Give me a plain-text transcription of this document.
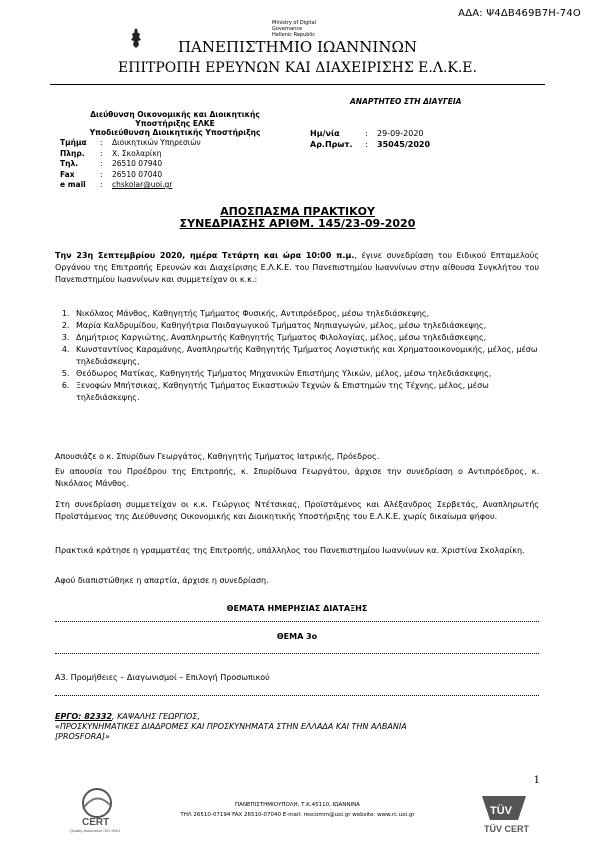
ΑΔΑ: Ψ4ΔΒ469Β7Η-74Ο
Ministry of Digital
Governance
Hellenic Republic
ΠΑΝΕΠΙΣΤΗΜΙΟ ΙΩΑΝΝΙΝΩΝ
ΕΠΙΤΡΟΠΗ ΕΡΕΥΝΩΝ ΚΑΙ ΔΙΑΧΕΙΡΙΣΗΣ Ε.Λ.Κ.Ε.
ΑΝΑΡΤΗΤΕΟ ΣΤΗ ΔΙΑΥΓΕΙΑ
Διεύθυνση Οικονομικής και Διοικητικής
Υποστήριξης ΕΛΚΕ
Υποδιεύθυνση Διοικητικής Υποστήριξης
Τμήμα : Διοικητικών Υπηρεσιών
Πληρ. : Χ. Σκολαρίκη
Τηλ.	: 26510 07940
Fax	: 26510 07040
e mail : chskolar@uoi.gr
Ημ/νία	: 29-09-2020
Αρ.Πρωτ. : 35045/2020
ΑΠΟΣΠΑΣΜΑ ΠΡΑΚΤΙΚΟΥ
ΣΥΝΕΔΡΙΑΣΗΣ ΑΡΙΘΜ. 145/23-09-2020
Την 23η Σεπτεμβρίου 2020, ημέρα Τετάρτη και ώρα 10:00 π.μ., έγινε συνεδρίαση του Ειδικού Επταμελούς Οργάνου της Επιτροπής Ερευνών και Διαχείρισης Ε.Λ.Κ.Ε. του Πανεπιστημίου Ιωαννίνων στην αίθουσα Συγκλήτου του Πανεπιστημίου Ιωαννίνων και συμμετείχαν οι κ.κ.:
1. Νικόλαος Μάνθος, Καθηγητής Τμήματος Φυσικής, Αντιπρόεδρος, μέσω τηλεδιάσκεψης,
2. Μαρία Καλδρυμίδου, Καθηγήτρια Παιδαγωγικού Τμήματος Νηπιαγωγών, μέλος, μέσω τηλεδιάσκεψης,
3. Δημήτριος Καργιώτης, Αναπληρωτής Καθηγητής Τμήματος Φιλολογίας, μέλος, μέσω τηλεδιάσκεψης,
4. Κωνσταντίνος Καραμάνης, Αναπληρωτής Καθηγητής Τμήματος Λογιστικής και Χρηματοοικονομικής, μέλος, μέσω τηλεδιάσκεψης,
5. Θεόδωρος Ματίκας, Καθηγητής Τμήματος Μηχανικών Επιστήμης Υλικών, μέλος, μέσω τηλεδιάσκεψης,
6. Ξενοφών Μπήτσικας, Καθηγητής Τμήματος Εικαστικών Τεχνών & Επιστημών της Τέχνης, μέλος, μέσω τηλεδιάσκεψης.
Απουσιάζε ο κ. Σπυρίδων Γεωργάτος, Καθηγητής Τμήματος Ιατρικής, Πρόεδρος.
Εν απουσία του Προέδρου της Επιτροπής, κ. Σπυρίδωνα Γεωργάτου, άρχισε την συνεδρίαση ο Αντιπρόεδρος, κ. Νικόλαος Μάνθος.
Στη συνεδρίαση συμμετείχαν οι κ.κ. Γεώργιος Ντέτσικας, Προϊστάμενος και Αλέξανδρος Σερβετάς, Αναπληρωτής Προϊστάμενος της Διεύθυνσης Οικονομικής και Διοικητικής Υποστήριξης του Ε.Λ.Κ.Ε. χωρίς δικαίωμα ψήφου.
Πρακτικά κράτησε η γραμματέας της Επιτροπής, υπάλληλος του Πανεπιστημίου Ιωαννίνων κα. Χριστίνα Σκολαρίκη.
Αφού διαπιστώθηκε η απαρτία, άρχισε η συνεδρίαση.
ΘΕΜΑΤΑ ΗΜΕΡΗΣΙΑΣ ΔΙΑΤΑΞΗΣ
ΘΕΜΑ 3ο
Α3. Προμήθειες – Διαγωνισμοί – Επιλογή Προσωπικού
ΕΡΓΟ: 82332, ΚΑΨΑΛΗΣ ΓΕΩΡΓΙΟΣ,
«ΠΡΟΣΚΥΝΗΜΑΤΙΚΕΣ ΔΙΑΔΡΟΜΕΣ ΚΑΙ ΠΡΟΣΚΥΝΗΜΑΤΑ ΣΤΗΝ ΕΛΛΑΔΑ ΚΑΙ ΤΗΝ ΑΛΒΑΝΙΑ
[PROSFORA]»
1
CERT
Quality Assurance ISO 9001
ΠΑΝΕΠΙΣΤΗΜΙΟΥΠΟΛΗ, Τ.Κ.45110, ΙΩΑΝΝΙΝΑ
ΤΗΛ 26510-07194 FAX 26510-07040 E-mail: rescomm@uoi.gr website: www.rc.uoi.gr	TÜV
TÜV CERT
